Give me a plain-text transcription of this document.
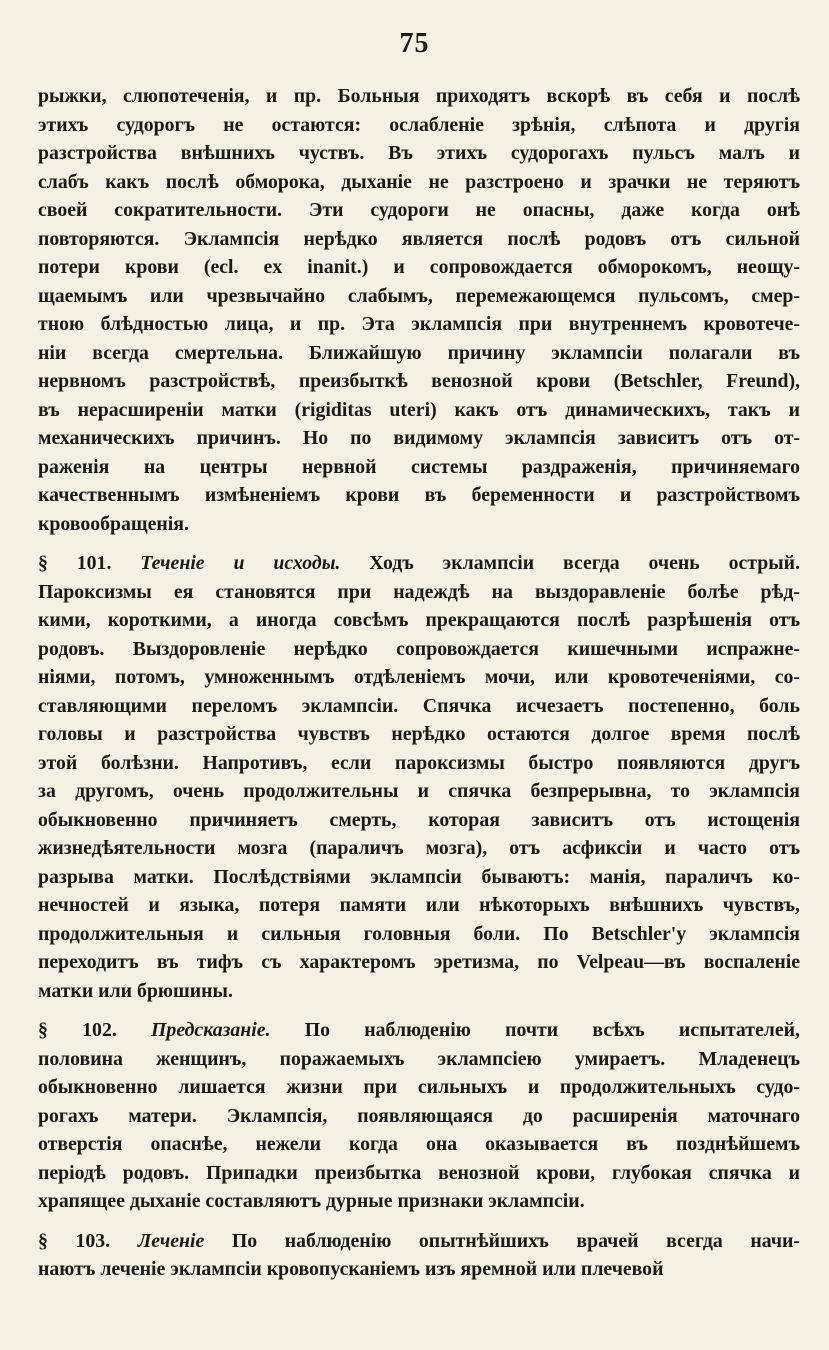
75
рыжки, слюпотеченія, и пр. Больныя приходятъ вскорѣ въ себя и послѣ
этихъ судорогъ не остаются: ослабленіе зрѣнія, слѣпота и другія
разстройства внѣшнихъ чуствъ. Въ этихъ судорогахъ пульсъ малъ и
слабъ какъ послѣ обморока, дыханіе не разстроено и зрачки не теряютъ
своей сократительности. Эти судороги не опасны, даже когда онѣ
повторяются. Эклампсія нерѣдко является послѣ родовъ отъ сильной
потери крови (ecl. ex inanit.) и сопровождается обморокомъ, неощу-
щаемымъ или чрезвычайно слабымъ, перемежающемся пульсомъ, смер-
тною блѣдностью лица, и пр. Эта эклампсія при внутреннемъ кровотече-
ніи всегда смертельна. Ближайшую причину эклампсіи полагали въ
нервномъ разстройствѣ, преизбыткѣ венозной крови (Betschler, Freund),
въ нерасширеніи матки (rigiditas uteri) какъ отъ динамическихъ, такъ и
механическихъ причинъ. Но по видимому эклампсія зависитъ отъ от-
раженія на центры нервной системы раздраженія, причиняемаго
качественнымъ измѣненіемъ крови въ беременности и разстройствомъ
кровообращенія.
§ 101. Теченіе и исходы. Ходъ эклампсіи всегда очень острый.
Пароксизмы ея становятся при надеждѣ на выздоравленіе болѣе рѣд-
кими, короткими, а иногда совсѣмъ прекращаются послѣ разрѣшенія отъ
родовъ. Выздоровленіе нерѣдко сопровождается кишечными испражне-
ніями, потомъ, умноженнымъ отдѣленіемъ мочи, или кровотеченіями, со-
ставляющими переломъ эклампсіи. Спячка исчезаетъ постепенно, боль
головы и разстройства чувствъ нерѣдко остаются долгое время послѣ
этой болѣзни. Напротивъ, если пароксизмы быстро появляются другъ
за другомъ, очень продолжительны и спячка безпрерывна, то эклампсія
обыкновенно причиняетъ смерть, которая зависитъ отъ истощенія
жизнедѣятельности мозга (параличъ мозга), отъ асфиксіи и часто отъ
разрыва матки. Послѣдствіями эклампсіи бываютъ: манія, параличъ ко-
нечностей и языка, потеря памяти или нѣкоторыхъ внѣшнихъ чувствъ,
продолжительныя и сильныя головныя боли. По Betschler'у эклампсія
переходитъ въ тифъ съ характеромъ эретизма, по Velpeau—въ воспаленіе
матки или брюшины.
§ 102. Предсказаніе. По наблюденію почти всѣхъ испытателей,
половина женщинъ, поражаемыхъ эклампсіею умираетъ. Младенецъ
обыкновенно лишается жизни при сильныхъ и продолжительныхъ судо-
рогахъ матери. Эклампсія, появляющаяся до расширенія маточнаго
отверстія опаснѣе, нежели когда она оказывается въ позднѣйшемъ
періодѣ родовъ. Припадки преизбытка венозной крови, глубокая спячка и
храпящее дыханіе составляютъ дурные признаки эклампсіи.
§ 103. Леченіе По наблюденію опытнѣйшихъ врачей всегда начи-
наютъ леченіе эклампсіи кровопусканіемъ изъ яремной или плечевой
